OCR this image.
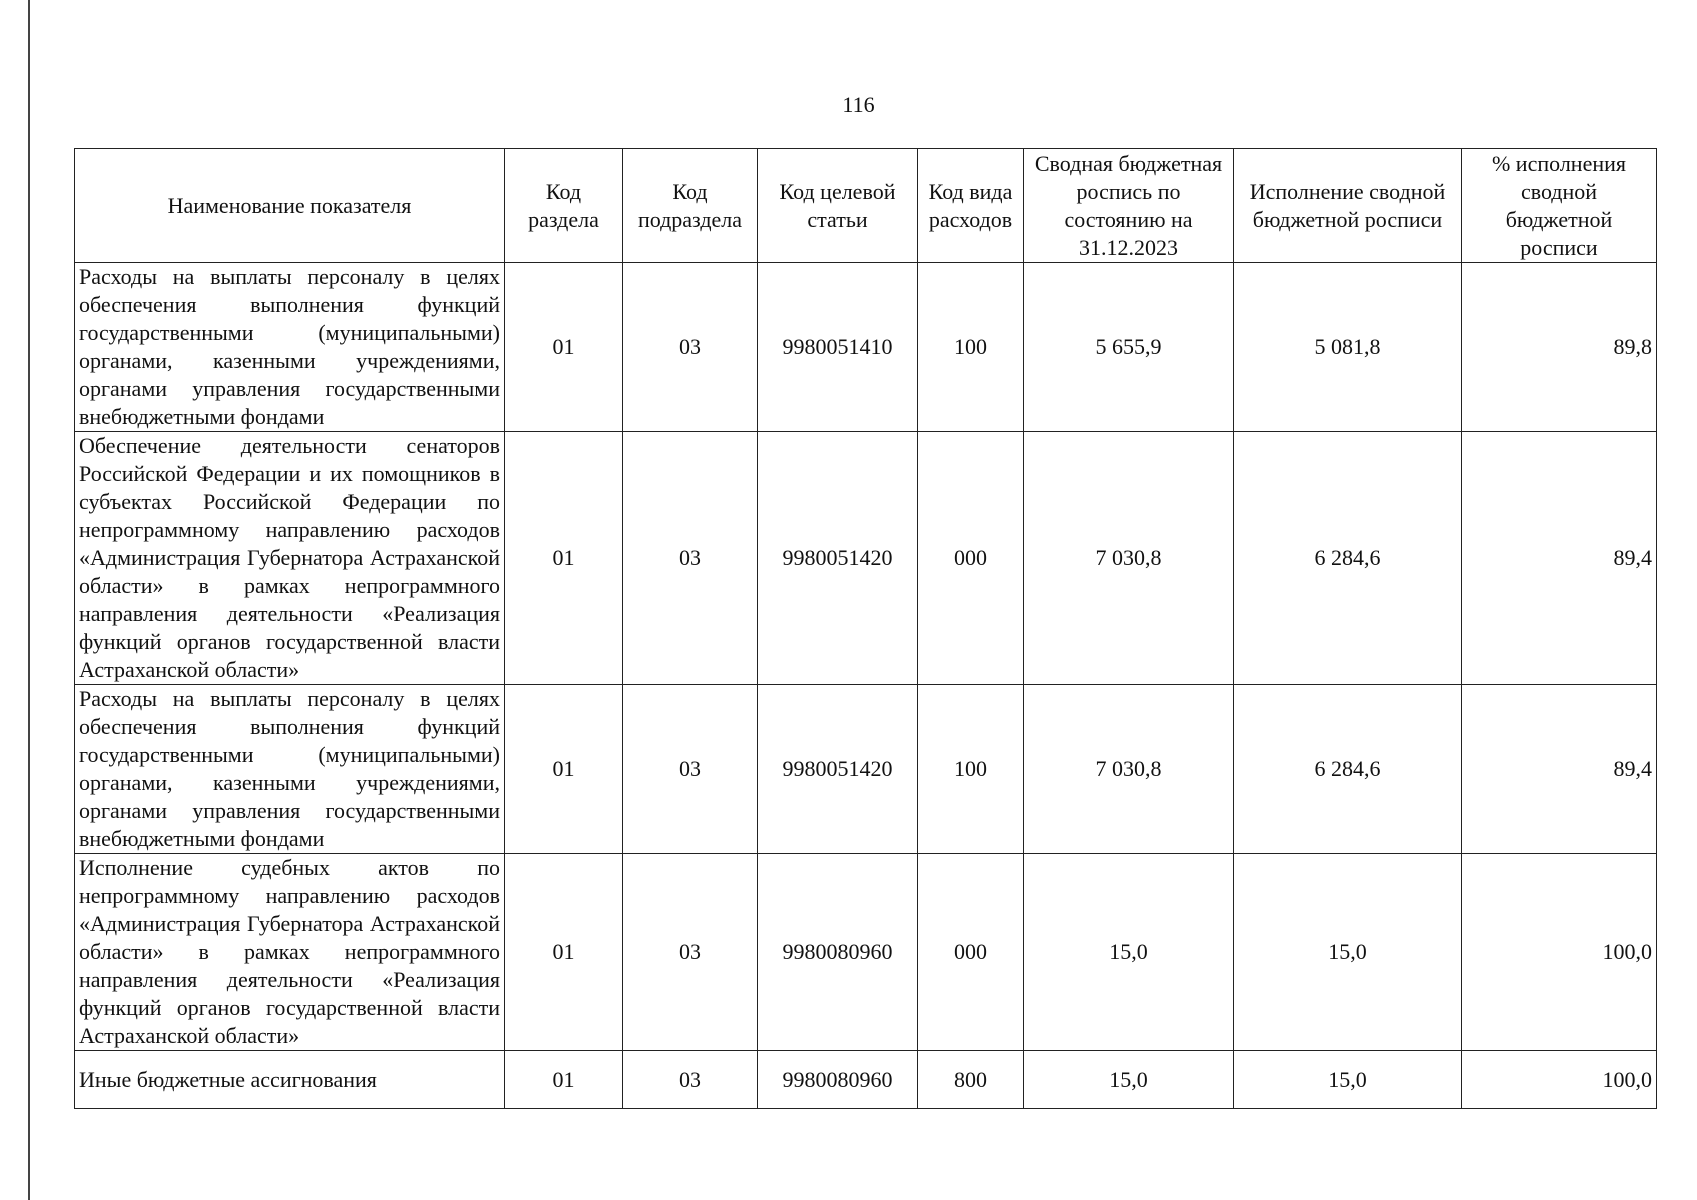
116
Наименование показателя	Код раздела	Код подраздела	Код целевой статьи	Код вида расходов	Сводная бюджетная роспись по состоянию на 31.12.2023	Исполнение сводной бюджетной росписи	% исполнения сводной бюджетной росписи
Расходы на выплаты персоналу в целях обеспечения выполнения функций государственными (муниципальными) органами, казенными учреждениями, органами управления государственными внебюджетными фондами	01	03	9980051410	100	5 655,9	5 081,8	89,8
Обеспечение деятельности сенаторов Российской Федерации и их помощников в субъектах Российской Федерации по непрограммному направлению расходов «Администрация Губернатора Астраханской области» в рамках непрограммного направления деятельности «Реализация функций органов государственной власти Астраханской области»	01	03	9980051420	000	7 030,8	6 284,6	89,4
Расходы на выплаты персоналу в целях обеспечения выполнения функций государственными (муниципальными) органами, казенными учреждениями, органами управления государственными внебюджетными фондами	01	03	9980051420	100	7 030,8	6 284,6	89,4
Исполнение судебных актов по непрограммному направлению расходов «Администрация Губернатора Астраханской области» в рамках непрограммного направления деятельности «Реализация функций органов государственной власти Астраханской области»	01	03	9980080960	000	15,0	15,0	100,0
Иные бюджетные ассигнования	01	03	9980080960	800	15,0	15,0	100,0
